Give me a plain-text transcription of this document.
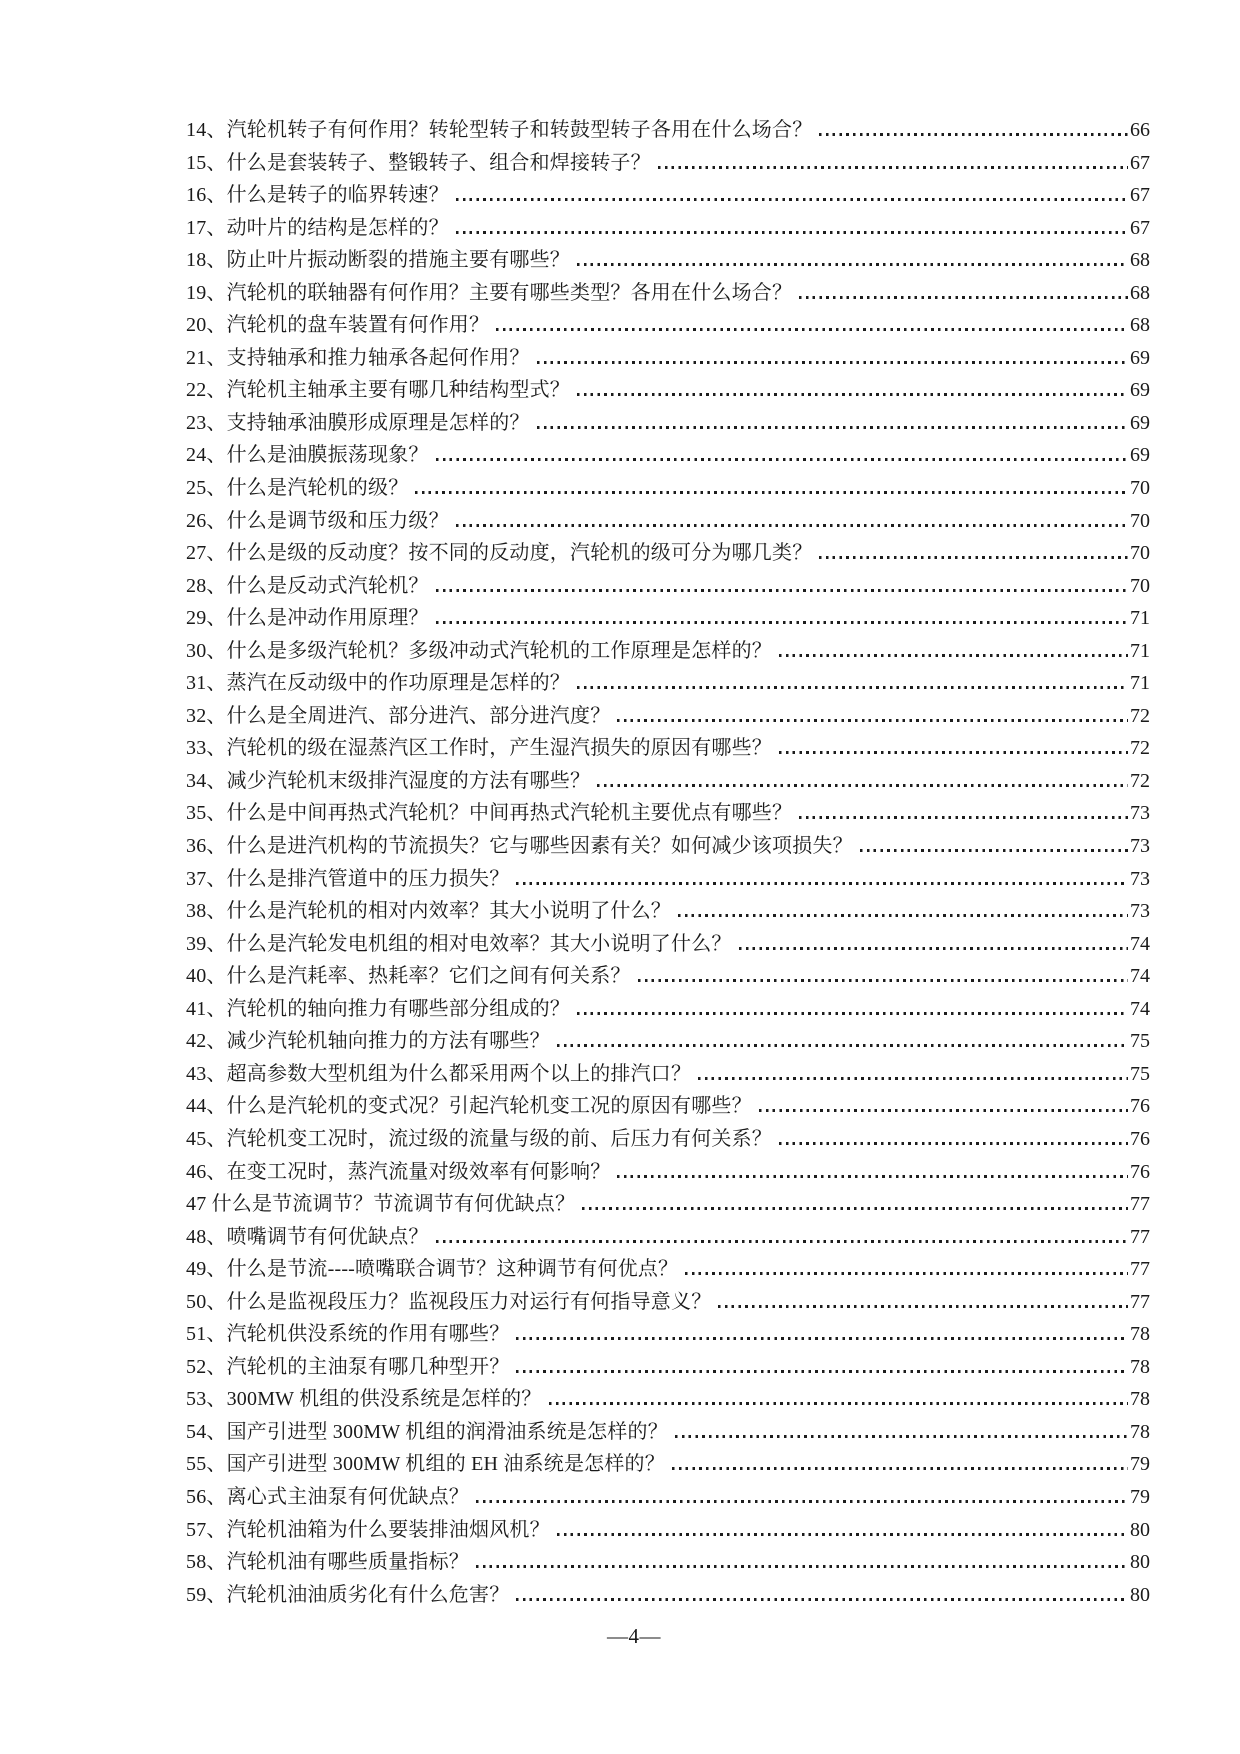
14、汽轮机转子有何作用？转轮型转子和转鼓型转子各用在什么场合？	66
15、什么是套装转子、整锻转子、组合和焊接转子？	67
16、什么是转子的临界转速？	67
17、动叶片的结构是怎样的？	67
18、防止叶片振动断裂的措施主要有哪些？	68
19、汽轮机的联轴器有何作用？主要有哪些类型？各用在什么场合？	68
20、汽轮机的盘车装置有何作用？	68
21、支持轴承和推力轴承各起何作用？	69
22、汽轮机主轴承主要有哪几种结构型式？	69
23、支持轴承油膜形成原理是怎样的？	69
24、什么是油膜振荡现象？	69
25、什么是汽轮机的级？	70
26、什么是调节级和压力级？	70
27、什么是级的反动度？按不同的反动度，汽轮机的级可分为哪几类？	70
28、什么是反动式汽轮机？	70
29、什么是冲动作用原理？	71
30、什么是多级汽轮机？多级冲动式汽轮机的工作原理是怎样的？	71
31、蒸汽在反动级中的作功原理是怎样的？	71
32、什么是全周进汽、部分进汽、部分进汽度？	72
33、汽轮机的级在湿蒸汽区工作时，产生湿汽损失的原因有哪些？	72
34、减少汽轮机末级排汽湿度的方法有哪些？	72
35、什么是中间再热式汽轮机？中间再热式汽轮机主要优点有哪些？	73
36、什么是进汽机构的节流损失？它与哪些因素有关？如何减少该项损失？	73
37、什么是排汽管道中的压力损失？	73
38、什么是汽轮机的相对内效率？其大小说明了什么？	73
39、什么是汽轮发电机组的相对电效率？其大小说明了什么？	74
40、什么是汽耗率、热耗率？它们之间有何关系？	74
41、汽轮机的轴向推力有哪些部分组成的？	74
42、减少汽轮机轴向推力的方法有哪些？	75
43、超高参数大型机组为什么都采用两个以上的排汽口？	75
44、什么是汽轮机的变式况？引起汽轮机变工况的原因有哪些？	76
45、汽轮机变工况时，流过级的流量与级的前、后压力有何关系？	76
46、在变工况时，蒸汽流量对级效率有何影响？	76
47 什么是节流调节？节流调节有何优缺点？	77
48、喷嘴调节有何优缺点？	77
49、什么是节流----喷嘴联合调节？这种调节有何优点？	77
50、什么是监视段压力？监视段压力对运行有何指导意义？	77
51、汽轮机供没系统的作用有哪些？	78
52、汽轮机的主油泵有哪几种型开？	78
53、300MW 机组的供没系统是怎样的？	78
54、国产引进型 300MW 机组的润滑油系统是怎样的？	78
55、国产引进型 300MW 机组的 EH 油系统是怎样的？	79
56、离心式主油泵有何优缺点？	79
57、汽轮机油箱为什么要装排油烟风机？	80
58、汽轮机油有哪些质量指标？	80
59、汽轮机油油质劣化有什么危害？	80
—4—
